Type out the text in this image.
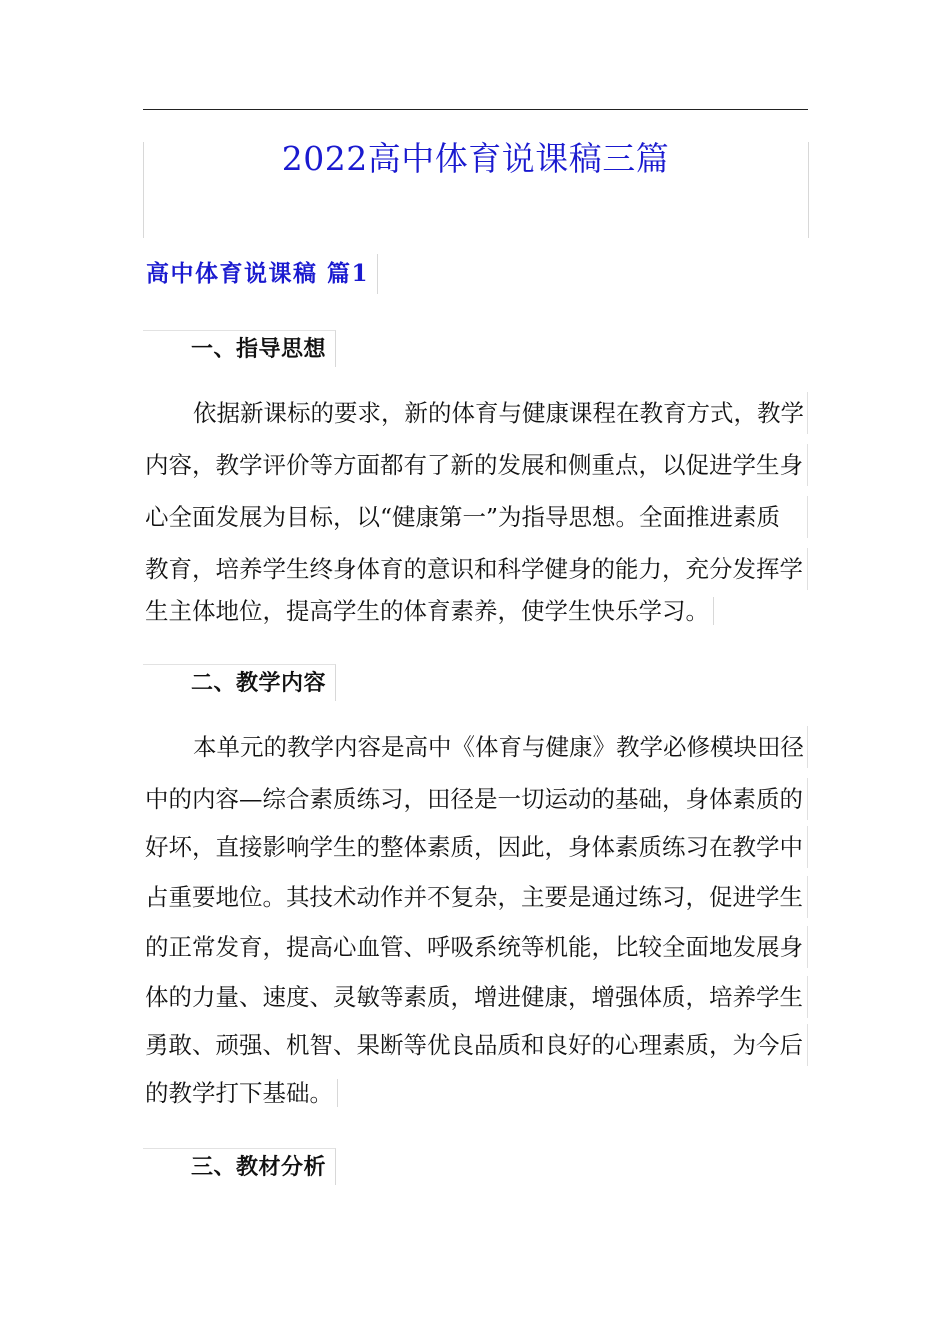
2022高中体育说课稿三篇
高中体育说课稿 篇1
一、指导思想
依据新课标的要求，新的体育与健康课程在教育方式，教学
内容，教学评价等方面都有了新的发展和侧重点，以促进学生身
心全面发展为目标，以“健康第一”为指导思想。全面推进素质
教育，培养学生终身体育的意识和科学健身的能力，充分发挥学
生主体地位，提高学生的体育素养，使学生快乐学习。
二、教学内容
本单元的教学内容是高中《体育与健康》教学必修模块田径
中的内容—综合素质练习，田径是一切运动的基础，身体素质的
好坏，直接影响学生的整体素质，因此，身体素质练习在教学中
占重要地位。其技术动作并不复杂，主要是通过练习，促进学生
的正常发育，提高心血管、呼吸系统等机能，比较全面地发展身
体的力量、速度、灵敏等素质，增进健康，增强体质，培养学生
勇敢、顽强、机智、果断等优良品质和良好的心理素质，为今后
的教学打下基础。
三、教材分析
